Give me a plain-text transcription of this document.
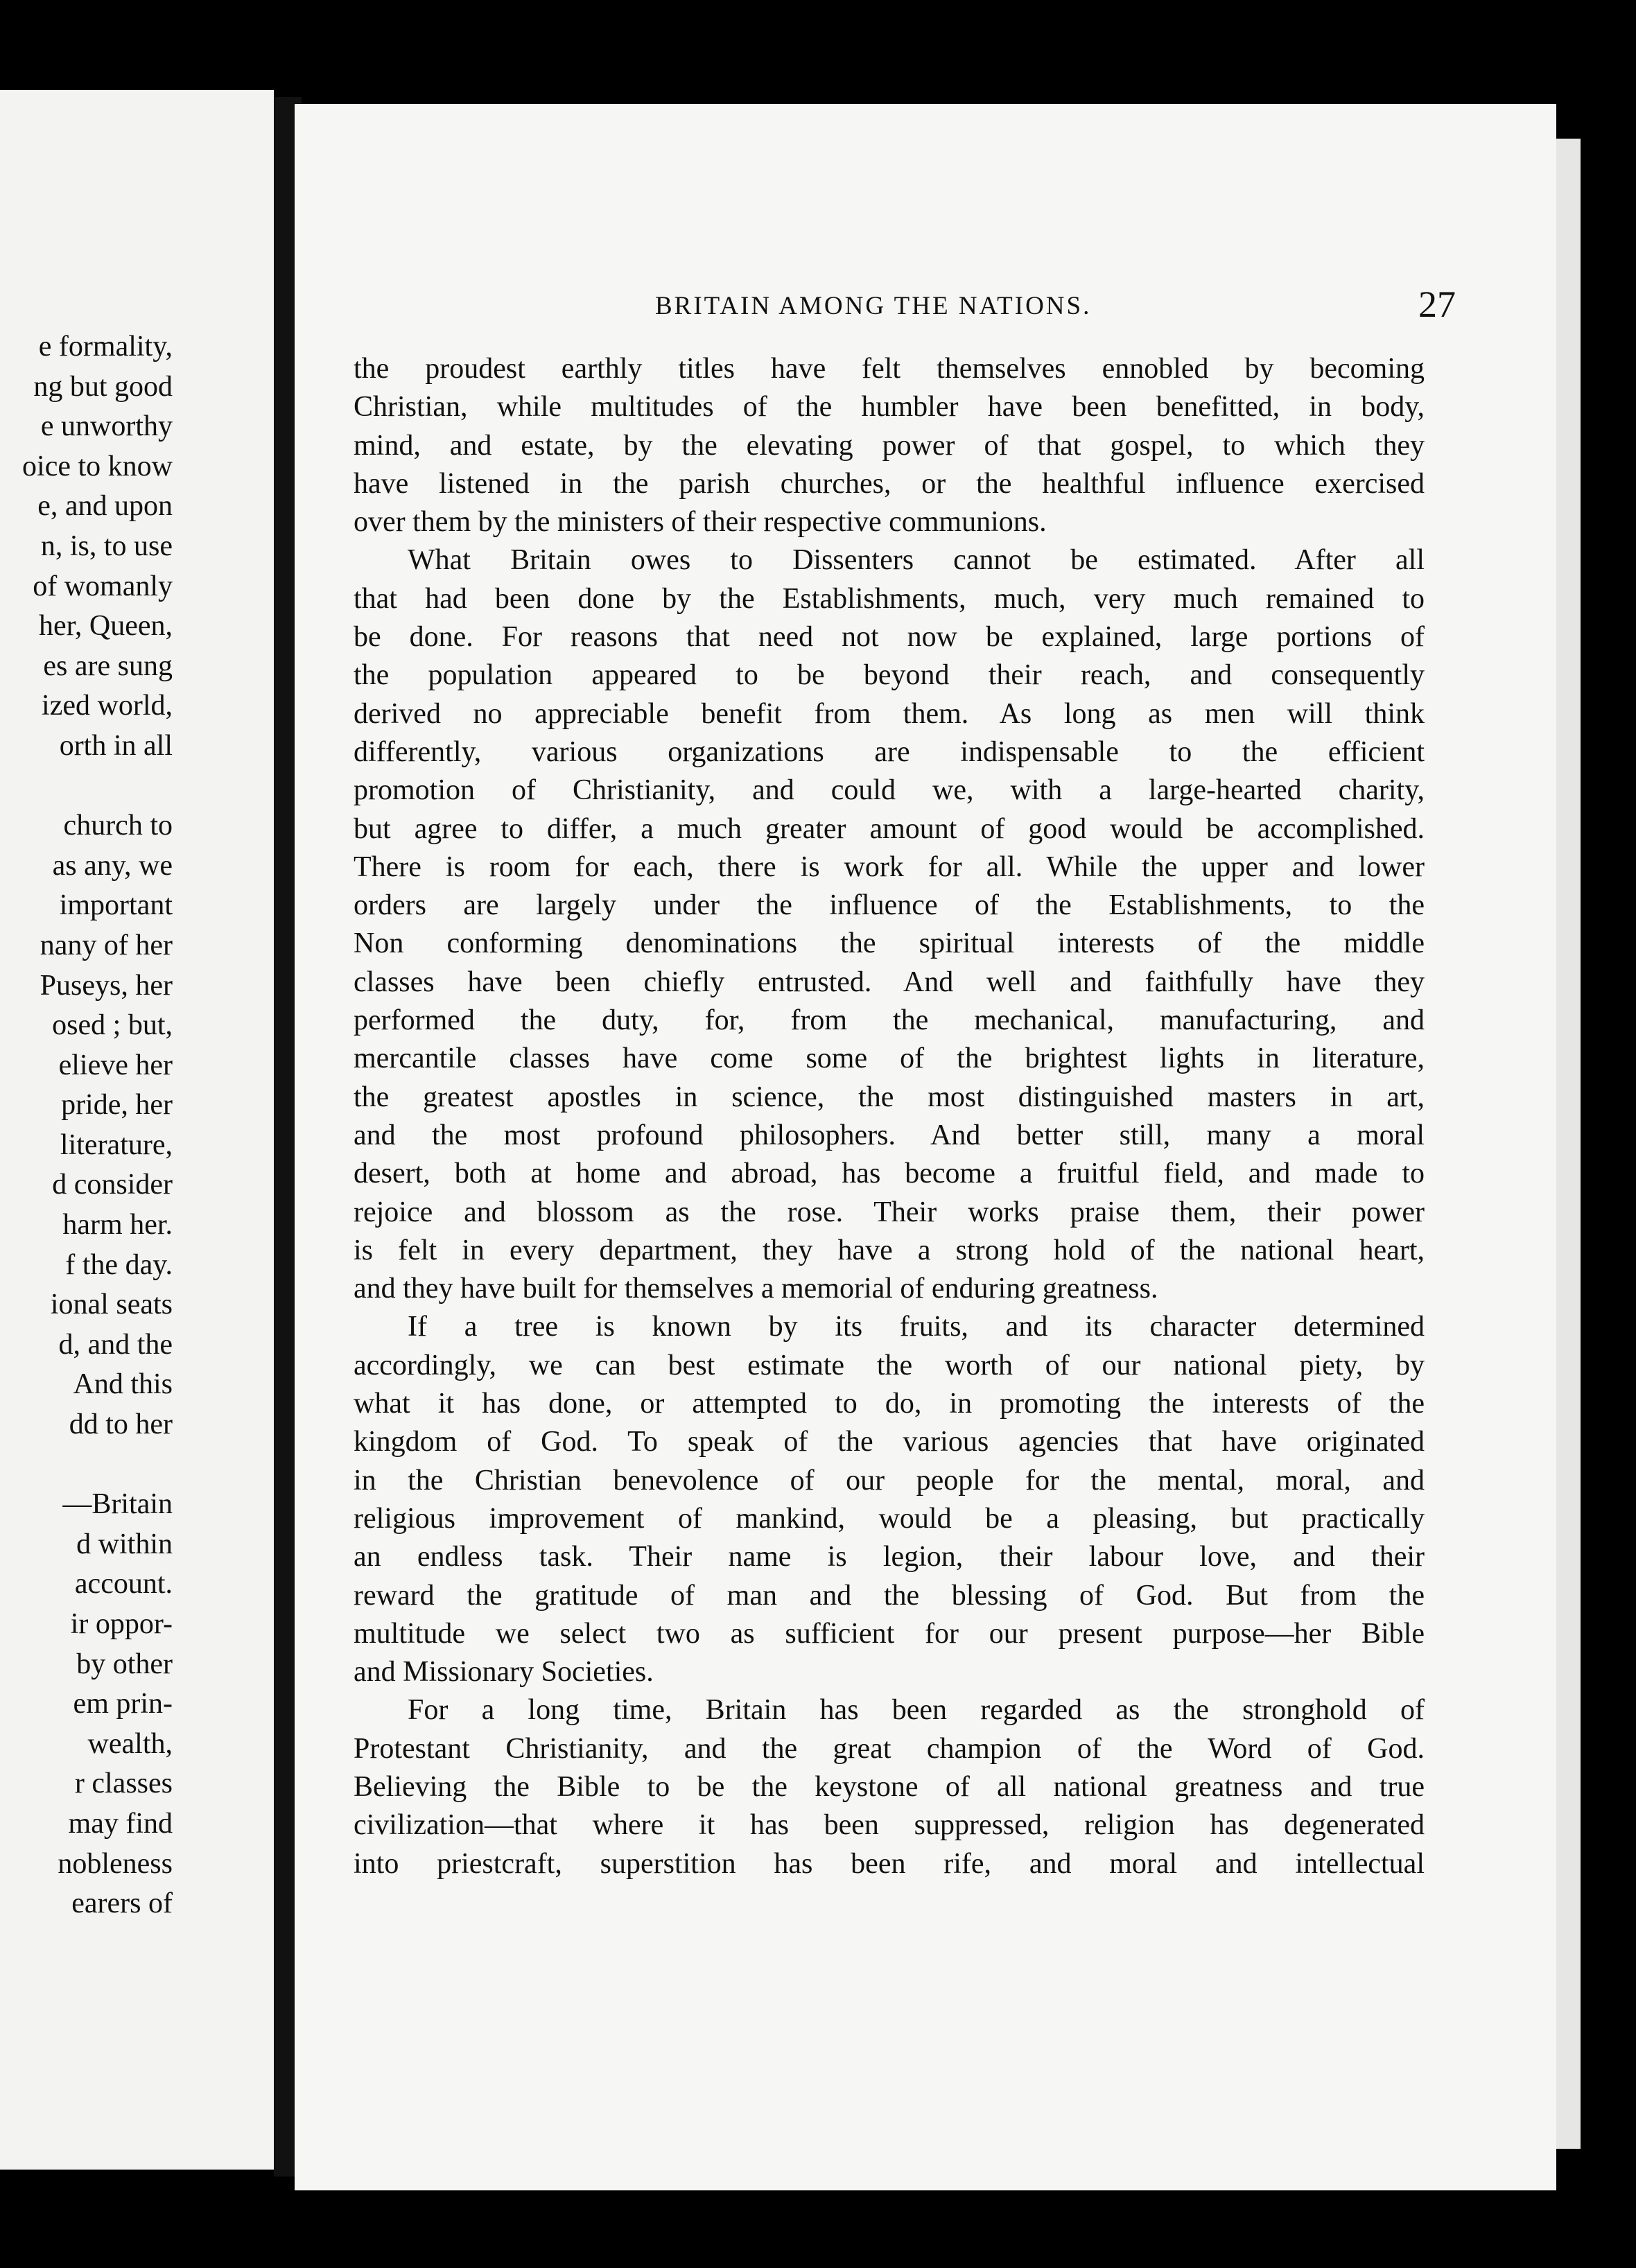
e formality,
ng but good
e unworthy
oice to know
e, and upon
n, is, to use
of womanly
her, Queen,
es are sung
ized world,
orth in all
church to
as any, we
important
nany of her
Puseys, her
osed ; but,
elieve her
pride, her
literature,
d consider
harm her.
f the day.
ional seats
d, and the
And this
dd to her
—Britain
d within
account.
ir oppor-
by other
em prin-
wealth,
r classes
may find
nobleness
earers of
BRITAIN AMONG THE NATIONS.	27
the proudest earthly titles have felt themselves ennobled by becoming
Christian, while multitudes of the humbler have been benefitted, in body,
mind, and estate, by the elevating power of that gospel, to which they
have listened in the parish churches, or the healthful influence exercised
over them by the ministers of their respective communions.
What Britain owes to Dissenters cannot be estimated. After all
that had been done by the Establishments, much, very much remained to
be done. For reasons that need not now be explained, large portions of
the population appeared to be beyond their reach, and consequently
derived no appreciable benefit from them. As long as men will think
differently, various organizations are indispensable to the efficient
promotion of Christianity, and could we, with a large-hearted charity,
but agree to differ, a much greater amount of good would be accomplished.
There is room for each, there is work for all. While the upper and lower
orders are largely under the influence of the Establishments, to the
Non conforming denominations the spiritual interests of the middle
classes have been chiefly entrusted. And well and faithfully have they
performed the duty, for, from the mechanical, manufacturing, and
mercantile classes have come some of the brightest lights in literature,
the greatest apostles in science, the most distinguished masters in art,
and the most profound philosophers. And better still, many a moral
desert, both at home and abroad, has become a fruitful field, and made to
rejoice and blossom as the rose. Their works praise them, their power
is felt in every department, they have a strong hold of the national heart,
and they have built for themselves a memorial of enduring greatness.
If a tree is known by its fruits, and its character determined
accordingly, we can best estimate the worth of our national piety, by
what it has done, or attempted to do, in promoting the interests of the
kingdom of God. To speak of the various agencies that have originated
in the Christian benevolence of our people for the mental, moral, and
religious improvement of mankind, would be a pleasing, but practically
an endless task. Their name is legion, their labour love, and their
reward the gratitude of man and the blessing of God. But from the
multitude we select two as sufficient for our present purpose—her Bible
and Missionary Societies.
For a long time, Britain has been regarded as the stronghold of
Protestant Christianity, and the great champion of the Word of God.
Believing the Bible to be the keystone of all national greatness and true
civilization—that where it has been suppressed, religion has degenerated
into priestcraft, superstition has been rife, and moral and intellectual
